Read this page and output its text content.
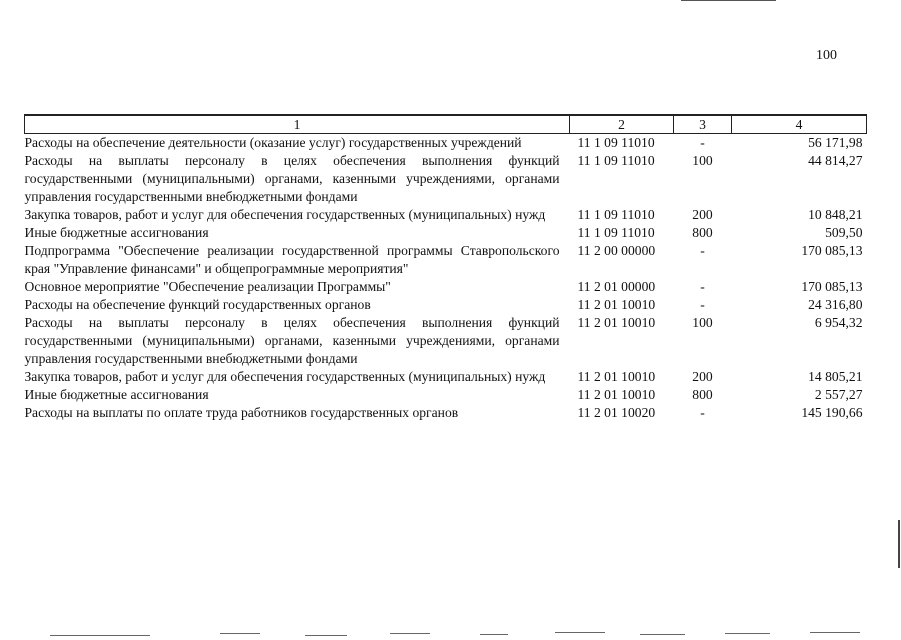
100
1	2	3	4
Расходы на обеспечение деятельности (оказание услуг) государственных учреждений	11 1 09 11010	-	56 171,98
Расходы на выплаты персоналу в целях обеспечения выполнения функций государственными (муниципальными) органами, казенными учреждениями, органами управления государственными внебюджетными фондами	11 1 09 11010	100	44 814,27
Закупка товаров, работ и услуг для обеспечения государственных (муниципальных) нужд	11 1 09 11010	200	10 848,21
Иные бюджетные ассигнования	11 1 09 11010	800	509,50
Подпрограмма "Обеспечение реализации государственной программы Ставропольского края "Управление финансами" и общепрограммные мероприятия"	11 2 00 00000	-	170 085,13
Основное мероприятие "Обеспечение реализации Программы"	11 2 01 00000	-	170 085,13
Расходы на обеспечение функций государственных органов	11 2 01 10010	-	24 316,80
Расходы на выплаты персоналу в целях обеспечения выполнения функций государственными (муниципальными) органами, казенными учреждениями, органами управления государственными внебюджетными фондами	11 2 01 10010	100	6 954,32
Закупка товаров, работ и услуг для обеспечения государственных (муниципальных) нужд	11 2 01 10010	200	14 805,21
Иные бюджетные ассигнования	11 2 01 10010	800	2 557,27
Расходы на выплаты по оплате труда работников государственных органов	11 2 01 10020	-	145 190,66
